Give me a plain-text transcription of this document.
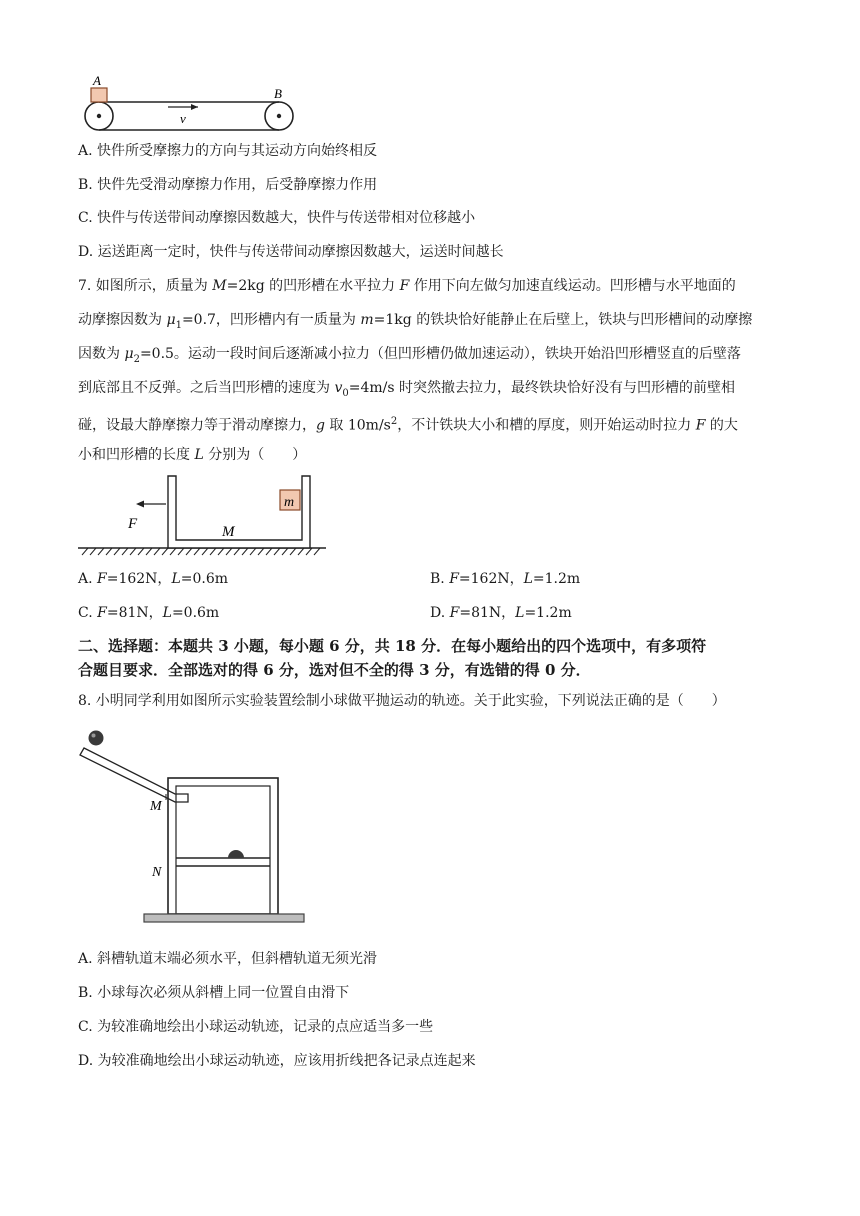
A
B
v
A. 快件所受摩擦力的方向与其运动方向始终相反
B. 快件先受滑动摩擦力作用，后受静摩擦力作用
C. 快件与传送带间动摩擦因数越大，快件与传送带相对位移越小
D. 运送距离一定时，快件与传送带间动摩擦因数越大，运送时间越长
7. 如图所示，质量为 M=2kg 的凹形槽在水平拉力 F 作用下向左做匀加速直线运动。凹形槽与水平地面的
动摩擦因数为 $\mu_1=0.7$，凹形槽内有一质量为 m=1kg 的铁块恰好能静止在后壁上，铁块与凹形槽间的动摩擦
因数为 $\mu_2=0.5$。运动一段时间后逐渐减小拉力（但凹形槽仍做加速运动），铁块开始沿凹形槽竖直的后壁落
到底部且不反弹。之后当凹形槽的速度为 $v_0=4m/s$ 时突然撤去拉力，最终铁块恰好没有与凹形槽的前壁相
碰，设最大静摩擦力等于滑动摩擦力，g 取 $10m/s^2$，不计铁块大小和槽的厚度，则开始运动时拉力 F 的大
小和凹形槽的长度 L 分别为（　　）
m
M
F
A. F=162N，L=0.6m	B. F=162N，L=1.2m
C. F=81N，L=0.6m	D. F=81N，L=1.2m
二、选择题：本题共 3 小题，每小题 6 分，共 18 分．在每小题给出的四个选项中，有多项符
合题目要求．全部选对的得 6 分，选对但不全的得 3 分，有选错的得 0 分．
8. 小明同学利用如图所示实验装置绘制小球做平抛运动的轨迹。关于此实验，下列说法正确的是（　　）
M
N
A. 斜槽轨道末端必须水平，但斜槽轨道无须光滑
B. 小球每次必须从斜槽上同一位置自由滑下
C. 为较准确地绘出小球运动轨迹，记录的点应适当多一些
D. 为较准确地绘出小球运动轨迹，应该用折线把各记录点连起来
